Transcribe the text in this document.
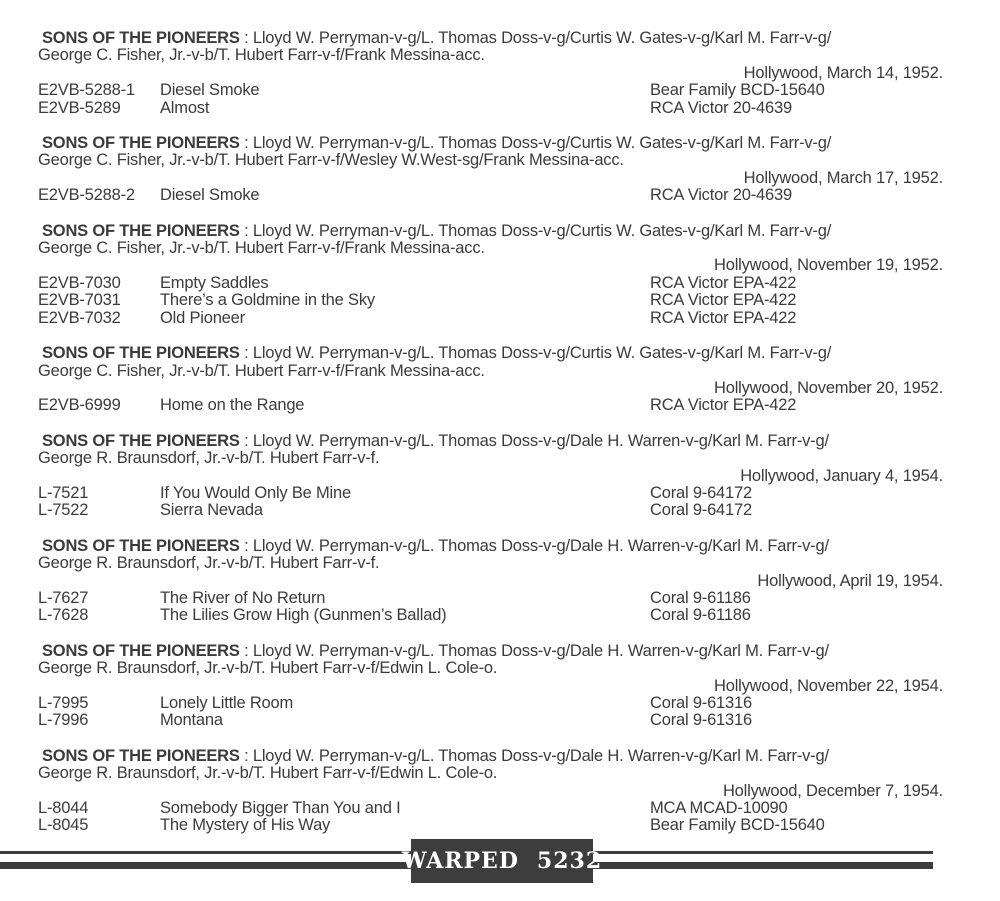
SONS OF THE PIONEERS : Lloyd W. Perryman-v-g/L. Thomas Doss-v-g/Curtis W. Gates-v-g/Karl M. Farr-v-g/
George C. Fisher, Jr.-v-b/T. Hubert Farr-v-f/Frank Messina-acc.

Hollywood, March 14, 1952.

E2VB-5288-1	Diesel Smoke	Bear Family BCD-15640
E2VB-5289	Almost	RCA Victor 20-4639

SONS OF THE PIONEERS : Lloyd W. Perryman-v-g/L. Thomas Doss-v-g/Curtis W. Gates-v-g/Karl M. Farr-v-g/
George C. Fisher, Jr.-v-b/T. Hubert Farr-v-f/Wesley W.West-sg/Frank Messina-acc.

Hollywood, March 17, 1952.

E2VB-5288-2	Diesel Smoke	RCA Victor 20-4639

SONS OF THE PIONEERS : Lloyd W. Perryman-v-g/L. Thomas Doss-v-g/Curtis W. Gates-v-g/Karl M. Farr-v-g/
George C. Fisher, Jr.-v-b/T. Hubert Farr-v-f/Frank Messina-acc.

Hollywood, November 19, 1952.

E2VB-7030	Empty Saddles	RCA Victor EPA-422
E2VB-7031	There’s a Goldmine in the Sky	RCA Victor EPA-422
E2VB-7032	Old Pioneer	RCA Victor EPA-422

SONS OF THE PIONEERS : Lloyd W. Perryman-v-g/L. Thomas Doss-v-g/Curtis W. Gates-v-g/Karl M. Farr-v-g/
George C. Fisher, Jr.-v-b/T. Hubert Farr-v-f/Frank Messina-acc.

Hollywood, November 20, 1952.

E2VB-6999	Home on the Range	RCA Victor EPA-422

SONS OF THE PIONEERS : Lloyd W. Perryman-v-g/L. Thomas Doss-v-g/Dale H. Warren-v-g/Karl M. Farr-v-g/
George R. Braunsdorf, Jr.-v-b/T. Hubert Farr-v-f.

Hollywood, January 4, 1954.

L-7521	If You Would Only Be Mine	Coral 9-64172
L-7522	Sierra Nevada	Coral 9-64172

SONS OF THE PIONEERS : Lloyd W. Perryman-v-g/L. Thomas Doss-v-g/Dale H. Warren-v-g/Karl M. Farr-v-g/
George R. Braunsdorf, Jr.-v-b/T. Hubert Farr-v-f.

Hollywood, April 19, 1954.

L-7627	The River of No Return	Coral 9-61186
L-7628	The Lilies Grow High (Gunmen’s Ballad)	Coral 9-61186

SONS OF THE PIONEERS : Lloyd W. Perryman-v-g/L. Thomas Doss-v-g/Dale H. Warren-v-g/Karl M. Farr-v-g/
George R. Braunsdorf, Jr.-v-b/T. Hubert Farr-v-f/Edwin L. Cole-o.

Hollywood, November 22, 1954.

L-7995	Lonely Little Room	Coral 9-61316
L-7996	Montana	Coral 9-61316

SONS OF THE PIONEERS : Lloyd W. Perryman-v-g/L. Thomas Doss-v-g/Dale H. Warren-v-g/Karl M. Farr-v-g/
George R. Braunsdorf, Jr.-v-b/T. Hubert Farr-v-f/Edwin L. Cole-o.

Hollywood, December 7, 1954.

L-8044	Somebody Bigger Than You and I	MCA MCAD-10090
L-8045	The Mystery of His Way	Bear Family BCD-15640
WARPED 5232
